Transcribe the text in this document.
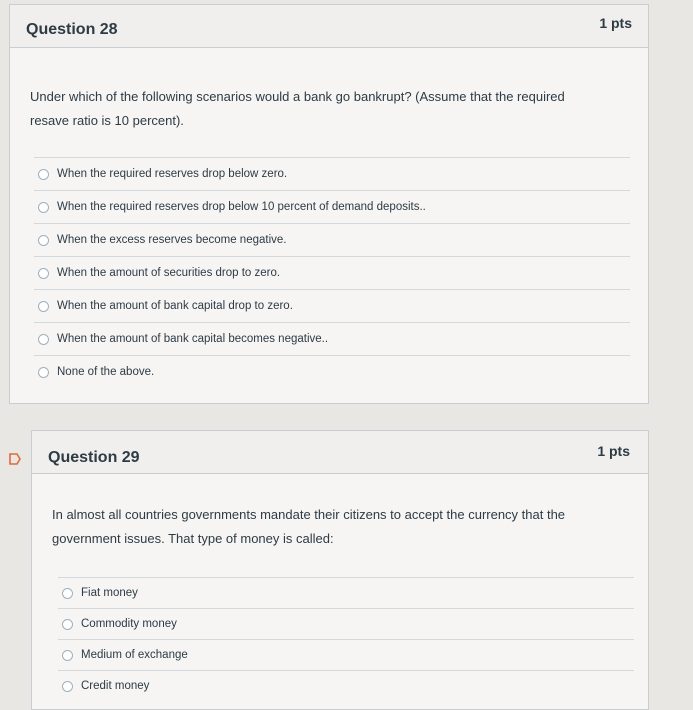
Question 28	1 pts
Under which of the following scenarios would a bank go bankrupt? (Assume that the required resave ratio is 10 percent).
When the required reserves drop below zero.
When the required reserves drop below 10 percent of demand deposits..
When the excess reserves become negative.
When the amount of securities drop to zero.
When the amount of bank capital drop to zero.
When the amount of bank capital becomes negative..
None of the above.
Question 29	1 pts
In almost all countries governments mandate their citizens to accept the currency that the government issues. That type of money is called:
Fiat money
Commodity money
Medium of exchange
Credit money
